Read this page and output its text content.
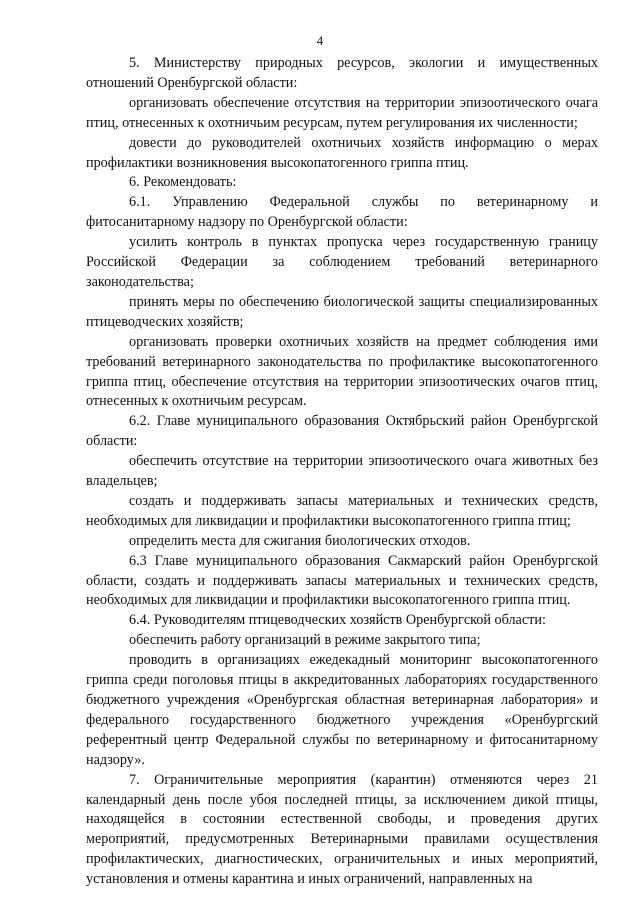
4

5. Министерству природных ресурсов, экологии и имущественных отношений Оренбургской области:

организовать обеспечение отсутствия на территории эпизоотического очага птиц, отнесенных к охотничьим ресурсам, путем регулирования их численности;

довести до руководителей охотничьих хозяйств информацию о мерах профилактики возникновения высокопатогенного гриппа птиц.

6. Рекомендовать:

6.1. Управлению Федеральной службы по ветеринарному и фитосанитарному надзору по Оренбургской области:

усилить контроль в пунктах пропуска через государственную границу Российской Федерации за соблюдением требований ветеринарного законодательства;

принять меры по обеспечению биологической защиты специализированных птицеводческих хозяйств;

организовать проверки охотничьих хозяйств на предмет соблюдения ими требований ветеринарного законодательства по профилактике высокопатогенного гриппа птиц, обеспечение отсутствия на территории эпизоотических очагов птиц, отнесенных к охотничьим ресурсам.

6.2. Главе муниципального образования Октябрьский район Оренбургской области:

обеспечить отсутствие на территории эпизоотического очага животных без владельцев;

создать и поддерживать запасы материальных и технических средств, необходимых для ликвидации и профилактики высокопатогенного гриппа птиц;

определить места для сжигания биологических отходов.

6.3 Главе муниципального образования Сакмарский район Оренбургской области, создать и поддерживать запасы материальных и технических средств, необходимых для ликвидации и профилактики высокопатогенного гриппа птиц.

6.4. Руководителям птицеводческих хозяйств Оренбургской области:

обеспечить работу организаций в режиме закрытого типа;

проводить в организациях ежедекадный мониторинг высокопатогенного гриппа среди поголовья птицы в аккредитованных лабораториях государственного бюджетного учреждения «Оренбургская областная ветеринарная лаборатория» и федерального государственного бюджетного учреждения «Оренбургский референтный центр Федеральной службы по ветеринарному и фитосанитарному надзору».

7. Ограничительные мероприятия (карантин) отменяются через 21 календарный день после убоя последней птицы, за исключением дикой птицы, находящейся в состоянии естественной свободы, и проведения других мероприятий, предусмотренных Ветеринарными правилами осуществления профилактических, диагностических, ограничительных и иных мероприятий, установления и отмены карантина и иных ограничений, направленных на
